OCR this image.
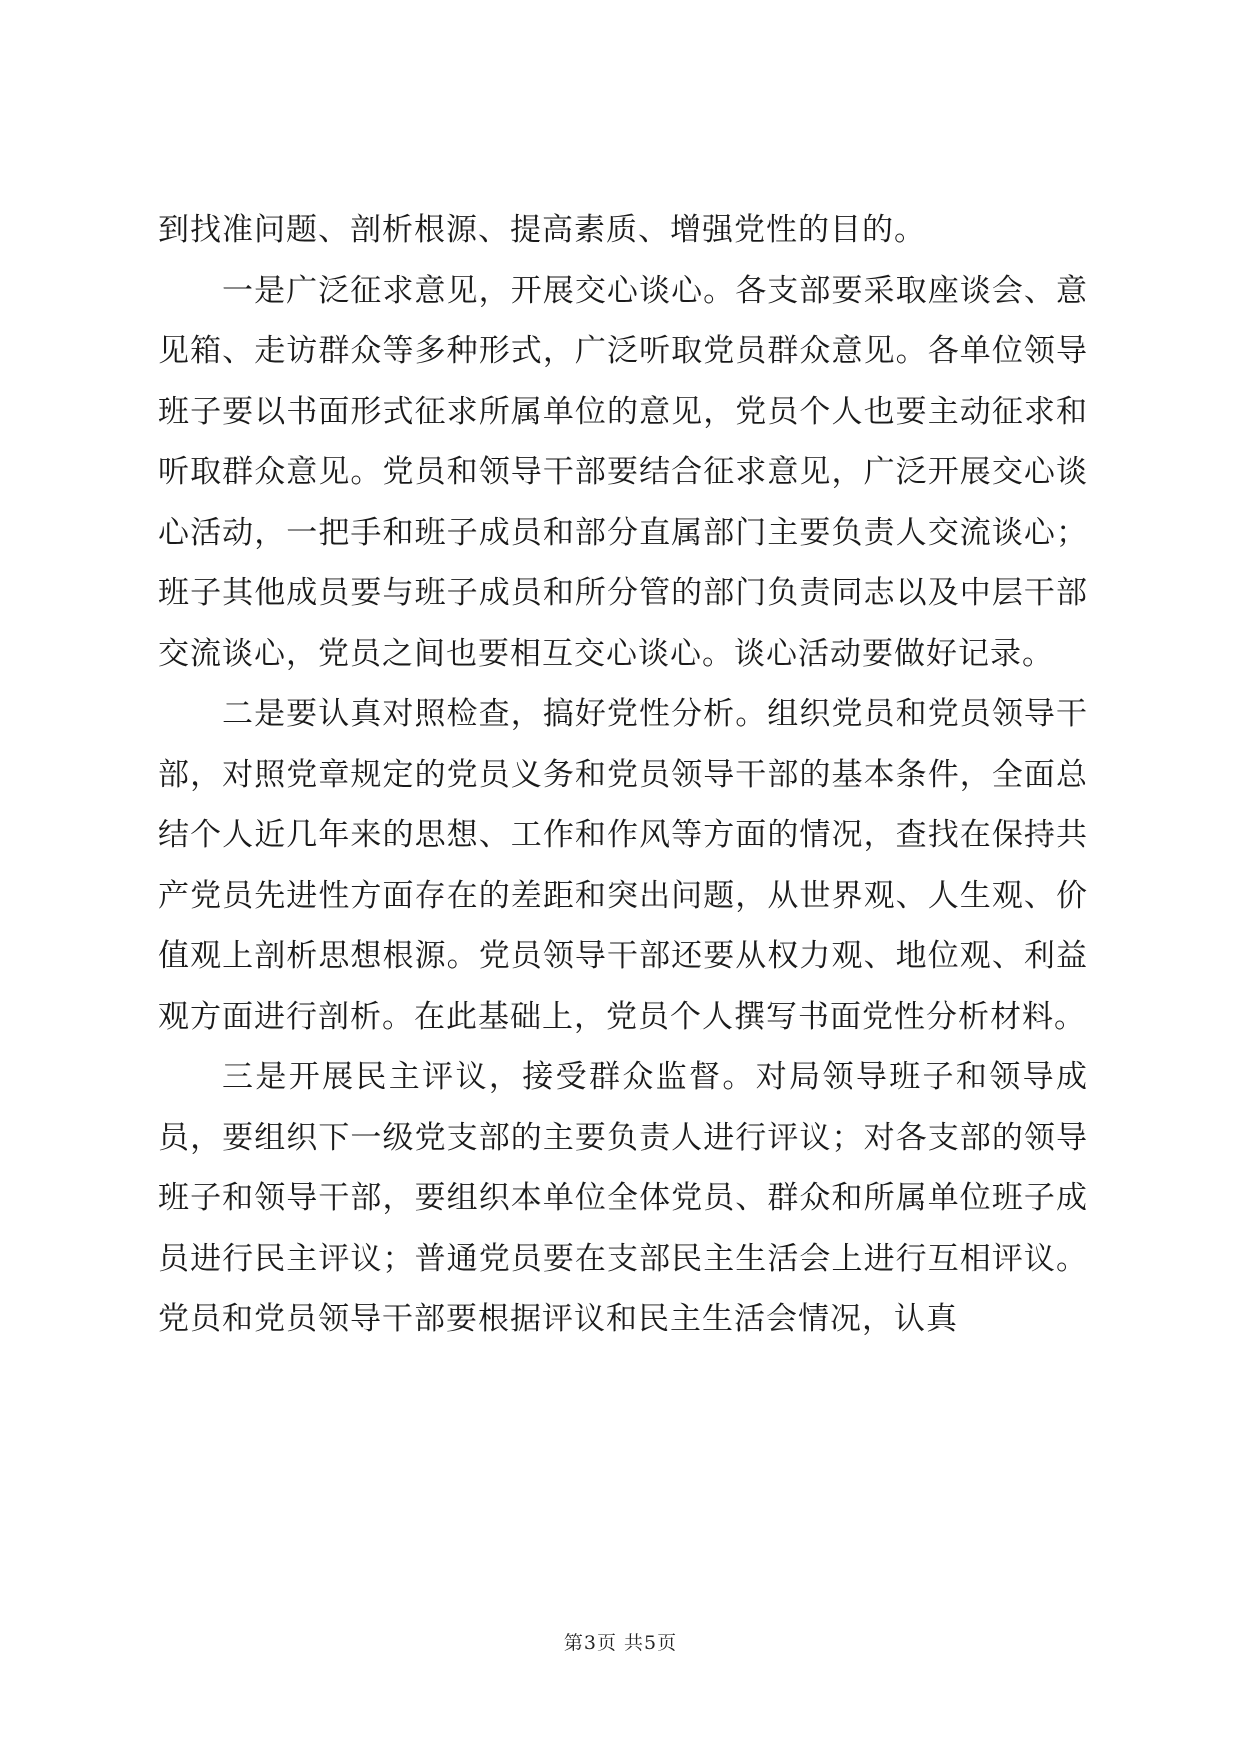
到找准问题、剖析根源、提高素质、增强党性的目的。

一是广泛征求意见，开展交心谈心。各支部要采取座谈会、意见箱、走访群众等多种形式，广泛听取党员群众意见。各单位领导班子要以书面形式征求所属单位的意见，党员个人也要主动征求和听取群众意见。党员和领导干部要结合征求意见，广泛开展交心谈心活动，一把手和班子成员和部分直属部门主要负责人交流谈心；班子其他成员要与班子成员和所分管的部门负责同志以及中层干部交流谈心，党员之间也要相互交心谈心。谈心活动要做好记录。

二是要认真对照检查，搞好党性分析。组织党员和党员领导干部，对照党章规定的党员义务和党员领导干部的基本条件，全面总结个人近几年来的思想、工作和作风等方面的情况，查找在保持共产党员先进性方面存在的差距和突出问题，从世界观、人生观、价值观上剖析思想根源。党员领导干部还要从权力观、地位观、利益观方面进行剖析。在此基础上，党员个人撰写书面党性分析材料。

三是开展民主评议，接受群众监督。对局领导班子和领导成员，要组织下一级党支部的主要负责人进行评议；对各支部的领导班子和领导干部，要组织本单位全体党员、群众和所属单位班子成员进行民主评议；普通党员要在支部民主生活会上进行互相评议。党员和党员领导干部要根据评议和民主生活会情况，认真

第3页 共5页
